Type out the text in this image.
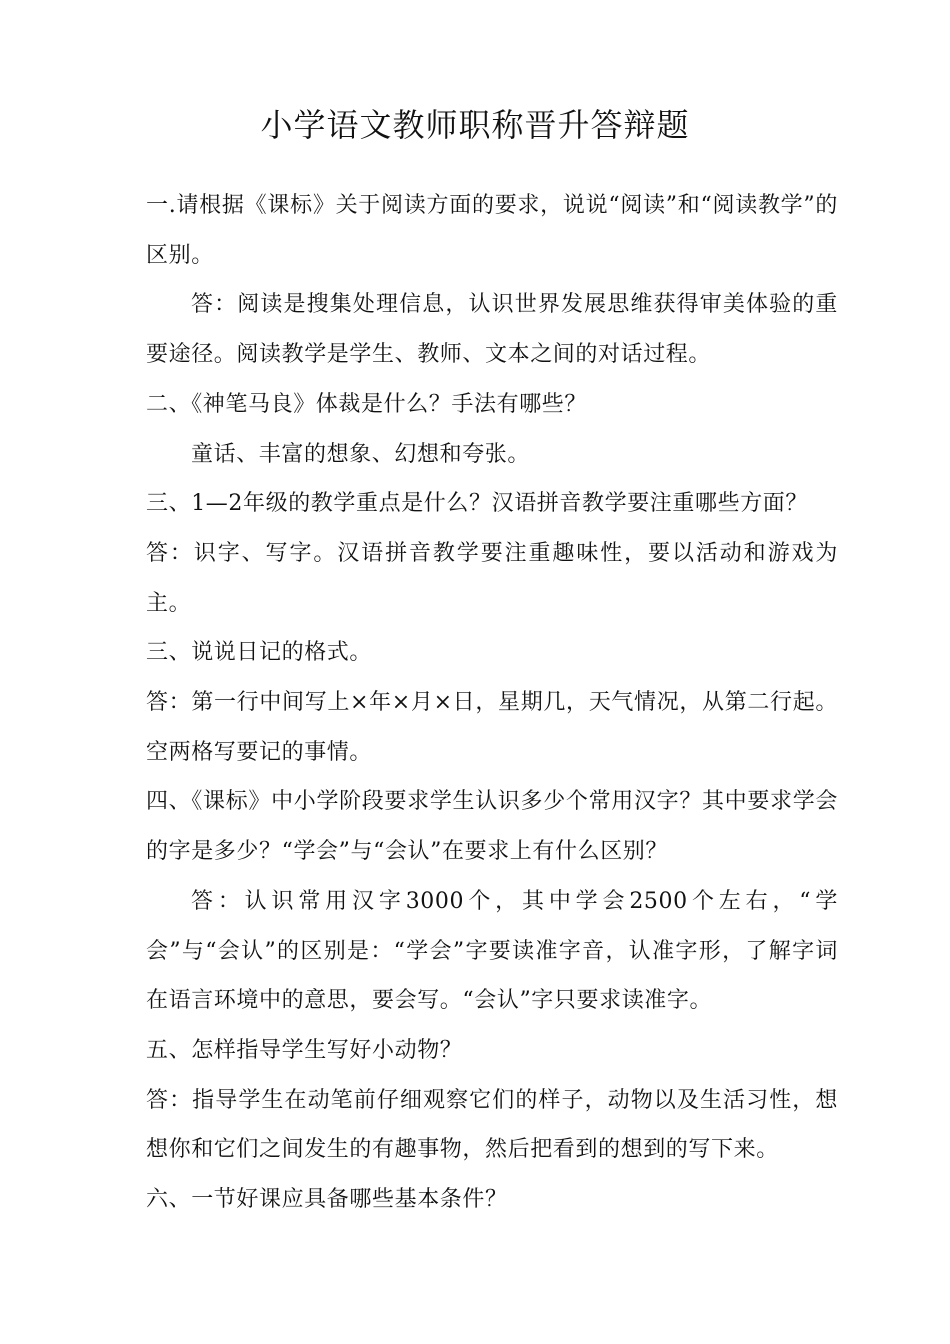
小学语文教师职称晋升答辩题

一.请根据《课标》关于阅读方面的要求，说说“阅读”和“阅读教学”的区别。

答：阅读是搜集处理信息，认识世界发展思维获得审美体验的重要途径。阅读教学是学生、教师、文本之间的对话过程。

二、《神笔马良》体裁是什么？手法有哪些？

童话、丰富的想象、幻想和夸张。

三、1—2年级的教学重点是什么？汉语拼音教学要注重哪些方面？

答：识字、写字。汉语拼音教学要注重趣味性，要以活动和游戏为主。

三、说说日记的格式。

答：第一行中间写上×年×月×日，星期几，天气情况，从第二行起。空两格写要记的事情。

四、《课标》中小学阶段要求学生认识多少个常用汉字？其中要求学会的字是多少？“学会”与“会认”在要求上有什么区别？

答：认识常用汉字3000个，其中学会2500个左右，“学会”与“会认”的区别是：“学会”字要读准字音，认准字形，了解字词在语言环境中的意思，要会写。“会认”字只要求读准字。

五、怎样指导学生写好小动物？

答：指导学生在动笔前仔细观察它们的样子，动物以及生活习性，想想你和它们之间发生的有趣事物，然后把看到的想到的写下来。

六、一节好课应具备哪些基本条件？
